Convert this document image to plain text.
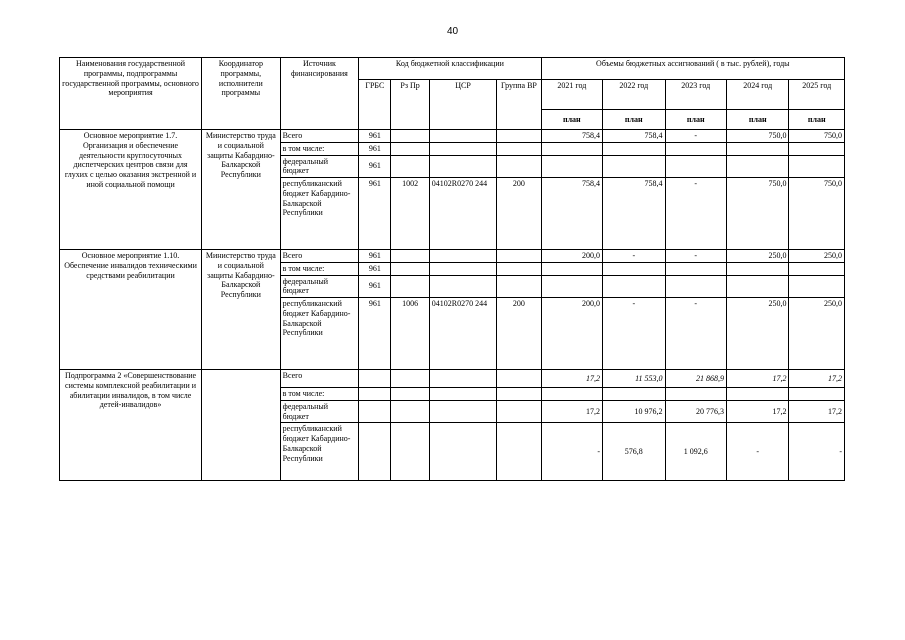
40
Наименования государственной программы, подпрограммы государственной программы, основного мероприятия	Координатор программы, исполнители программы	Источник финансирования	Код бюджетной классификации				Объемы бюджетных ассигнований ( в тыс. рублей), годы				
			ГРБС	Рз Пр	ЦСР	Группа ВР	2021 год	2022 год	2023 год	2024 год	2025 год
							план	план	план	план	план
Основное мероприятие 1.7. Организация и обеспечение деятельности круглосуточных диспетчерских центров связи для глухих с целью оказания экстренной и иной социальной помощи	Министерство труда и социальной защиты Кабардино-Балкарской Республики	Всего	961				758,4	758,4	-	750,0	750,0
		в том числе:	961								
		федеральный бюджет	961								
		республиканский бюджет Кабардино-Балкарской Республики	961	1002	04102R0270 244	200	758,4	758,4	-	750,0	750,0
Основное мероприятие 1.10. Обеспечение инвалидов техническими средствами реабилитации	Министерство труда и социальной защиты Кабардино-Балкарской Республики	Всего	961				200,0	-	-	250,0	250,0
		в том числе:	961								
		федеральный бюджет	961								
		республиканский бюджет Кабардино-Балкарской Республики	961	1006	04102R0270 244	200	200,0	-	-	250,0	250,0
Подпрограмма 2 «Совершенствование системы комплексной реабилитации и абилитации инвалидов, в том числе детей-инвалидов»		Всего					17,2	11 553,0	21 868,9	17,2	17,2
		в том числе:									
		федеральный бюджет					17,2	10 976,2	20 776,3	17,2	17,2
		республиканский бюджет Кабардино-Балкарской Республики					-	576,8	1 092,6	-	-
